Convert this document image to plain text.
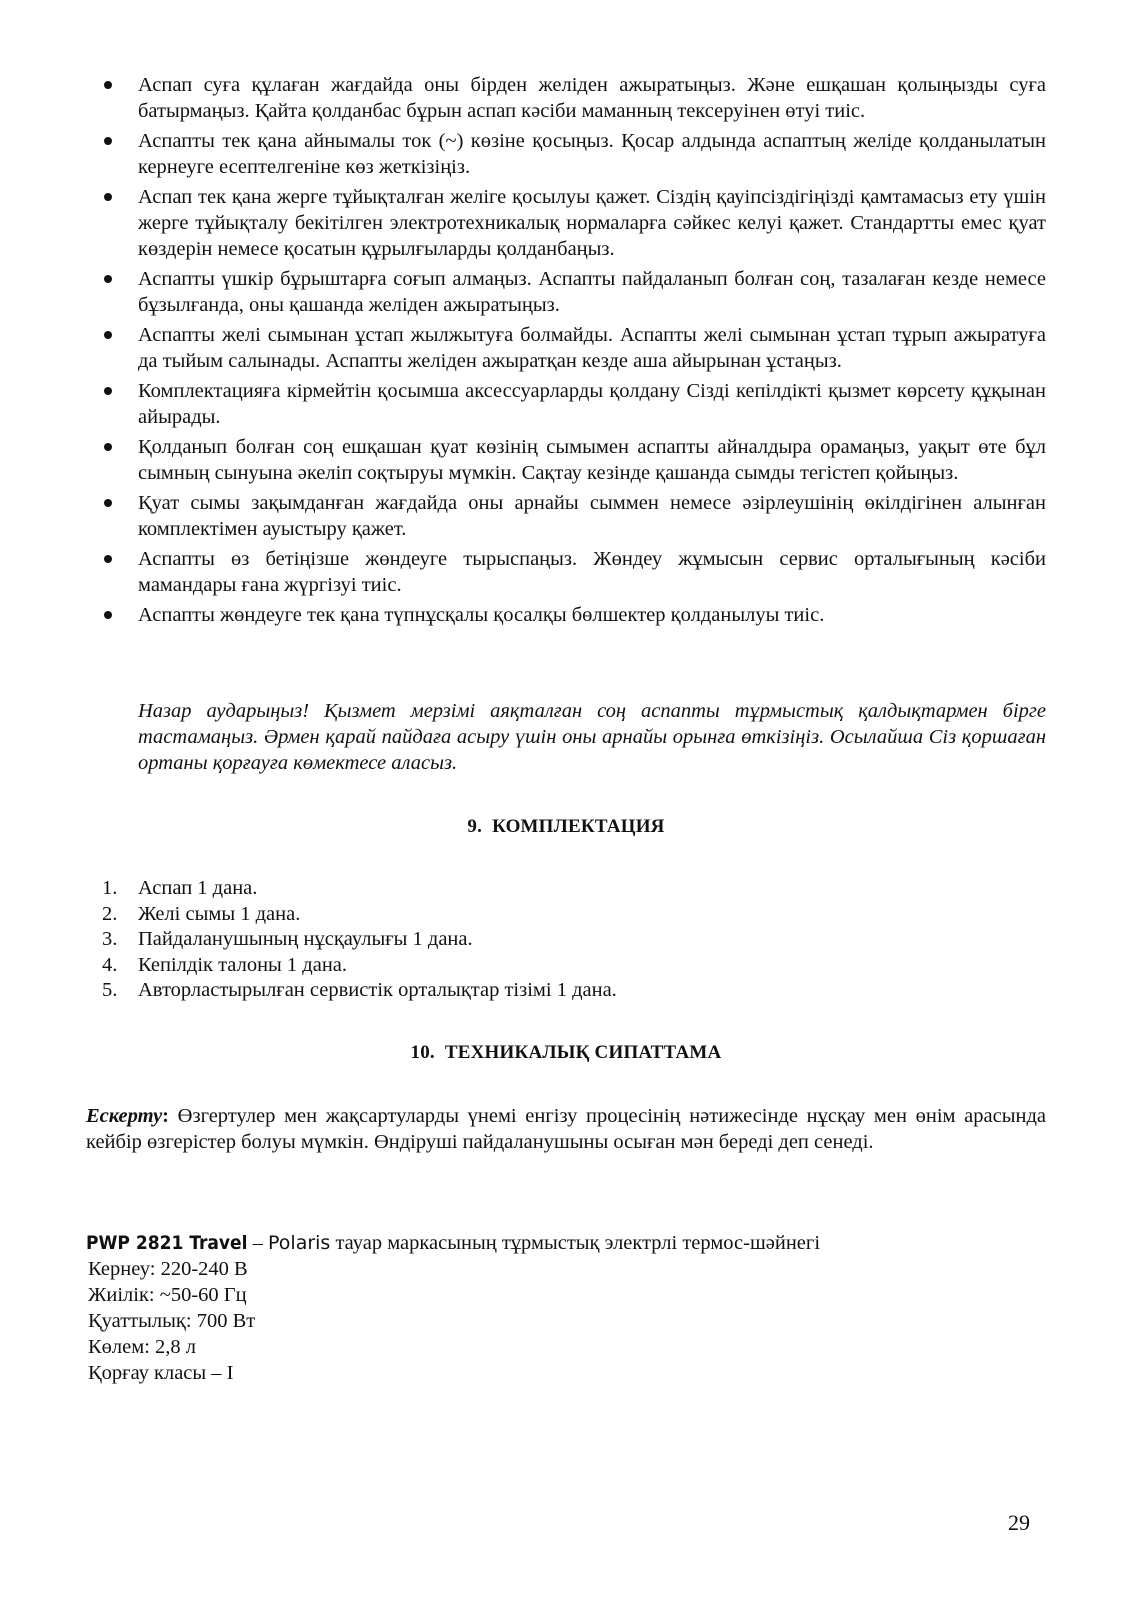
Аспап суға құлаған жағдайда оны бірден желіден ажыратыңыз. Және ешқашан қолыңызды суға батырмаңыз. Қайта қолданбас бұрын аспап кәсіби маманның тексеруінен өтуі тиіс.
Аспапты тек қана айнымалы ток (~) көзіне қосыңыз. Қосар алдында аспаптың желіде қолданылатын кернеуге есептелгеніне көз жеткізіңіз.
Аспап тек қана жерге тұйықталған желіге қосылуы қажет. Сіздің қауіпсіздігіңізді қамтамасыз ету үшін жерге тұйықталу бекітілген электротехникалық нормаларға сәйкес келуі қажет. Стандартты емес қуат көздерін немесе қосатын құрылғыларды қолданбаңыз.
Аспапты үшкір бұрыштарға соғып алмаңыз. Аспапты пайдаланып болған соң, тазалаған кезде немесе бұзылғанда, оны қашанда желіден ажыратыңыз.
Аспапты желі сымынан ұстап жылжытуға болмайды. Аспапты желі сымынан ұстап тұрып ажыратуға да тыйым салынады. Аспапты желіден ажыратқан кезде аша айырынан ұстаңыз.
Комплектацияға кірмейтін қосымша аксессуарларды қолдану Сізді кепілдікті қызмет көрсету құқынан айырады.
Қолданып болған соң ешқашан қуат көзінің сымымен аспапты айналдыра орамаңыз, уақыт өте бұл сымның сынуына әкеліп соқтыруы мүмкін. Сақтау кезінде қашанда сымды тегістеп қойыңыз.
Қуат сымы зақымданған жағдайда оны арнайы сыммен немесе әзірлеушінің өкілдігінен алынған комплектімен ауыстыру қажет.
Аспапты өз бетіңізше жөндеуге тырыспаңыз. Жөндеу жұмысын сервис орталығының кәсіби мамандары ғана жүргізуі тиіс.
Аспапты жөндеуге тек қана түпнұсқалы қосалқы бөлшектер қолданылуы тиіс.
Назар аударыңыз! Қызмет мерзімі аяқталған соң аспапты тұрмыстық қалдықтармен бірге тастамаңыз. Әрмен қарай пайдаға асыру үшін оны арнайы орынға өткізіңіз. Осылайша Сіз қоршаған ортаны қорғауға көмектесе аласыз.
9. КОМПЛЕКТАЦИЯ
1. Аспап 1 дана.
2. Желі сымы 1 дана.
3. Пайдаланушының нұсқаулығы 1 дана.
4. Кепілдік талоны 1 дана.
5. Авторластырылған сервистік орталықтар тізімі 1 дана.
10. ТЕХНИКАЛЫҚ СИПАТТАМА
Ескерту: Өзгертулер мен жақсартуларды үнемі енгізу процесінің нәтижесінде нұсқау мен өнім арасында кейбір өзгерістер болуы мүмкін. Өндіруші пайдаланушыны осыған мән береді деп сенеді.
PWP 2821 Travel – Polaris тауар маркасының тұрмыстық электрлі термос-шәйнегі
Кернеу: 220-240 В
Жиілік: ~50-60 Гц
Қуаттылық: 700 Вт
Көлем: 2,8 л
Қорғау класы – I
29
